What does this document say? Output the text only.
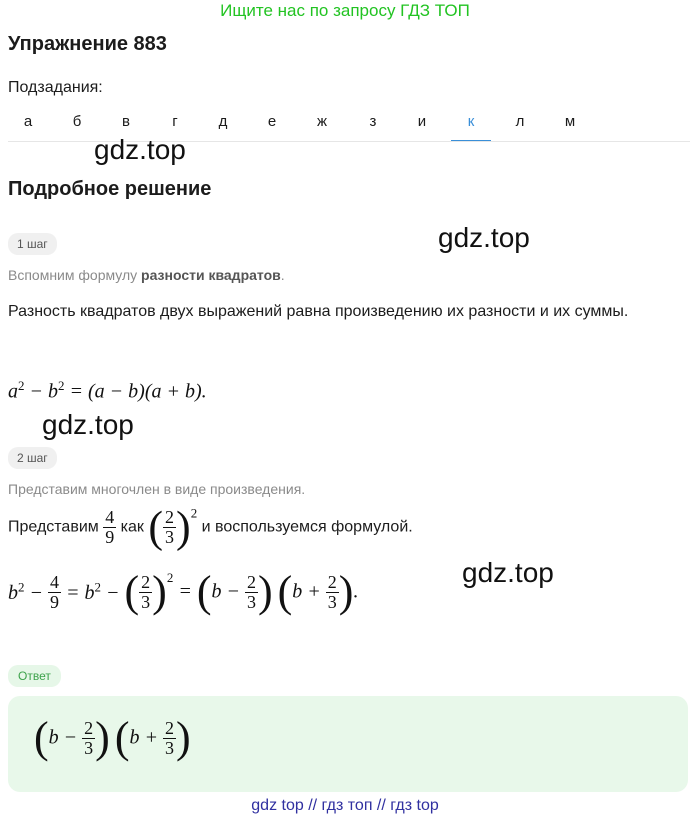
Ищите нас по запросу ГДЗ ТОП
Упражнение 883
Подзадания:
а	б	в	г	д	е	ж	з	и	к	л	м
gdz.top
gdz.top
gdz.top
gdz.top
Подробное решение
1 шаг
Вспомним формулу разности квадратов.
Разность квадратов двух выражений равна произведению их разности и их суммы.
$a^2 - b^2 = (a - b)(a + b)$.
2 шаг
Представим многочлен в виде произведения.
Представим $\frac{4}{9}$ как ( $\frac{2}{3} )^2$ и воспользуемся формулой.
$b^2 - \frac{4}{9} = b^2$ − ( $\frac{2}{3} )^2 = (b - \frac{2}{3}$ ) ($b + \frac{2}{3}$ ).
Ответ
($b - \frac{2}{3}$ ) ($b + \frac{2}{3}$ )
gdz top // гдз топ // гдз top
